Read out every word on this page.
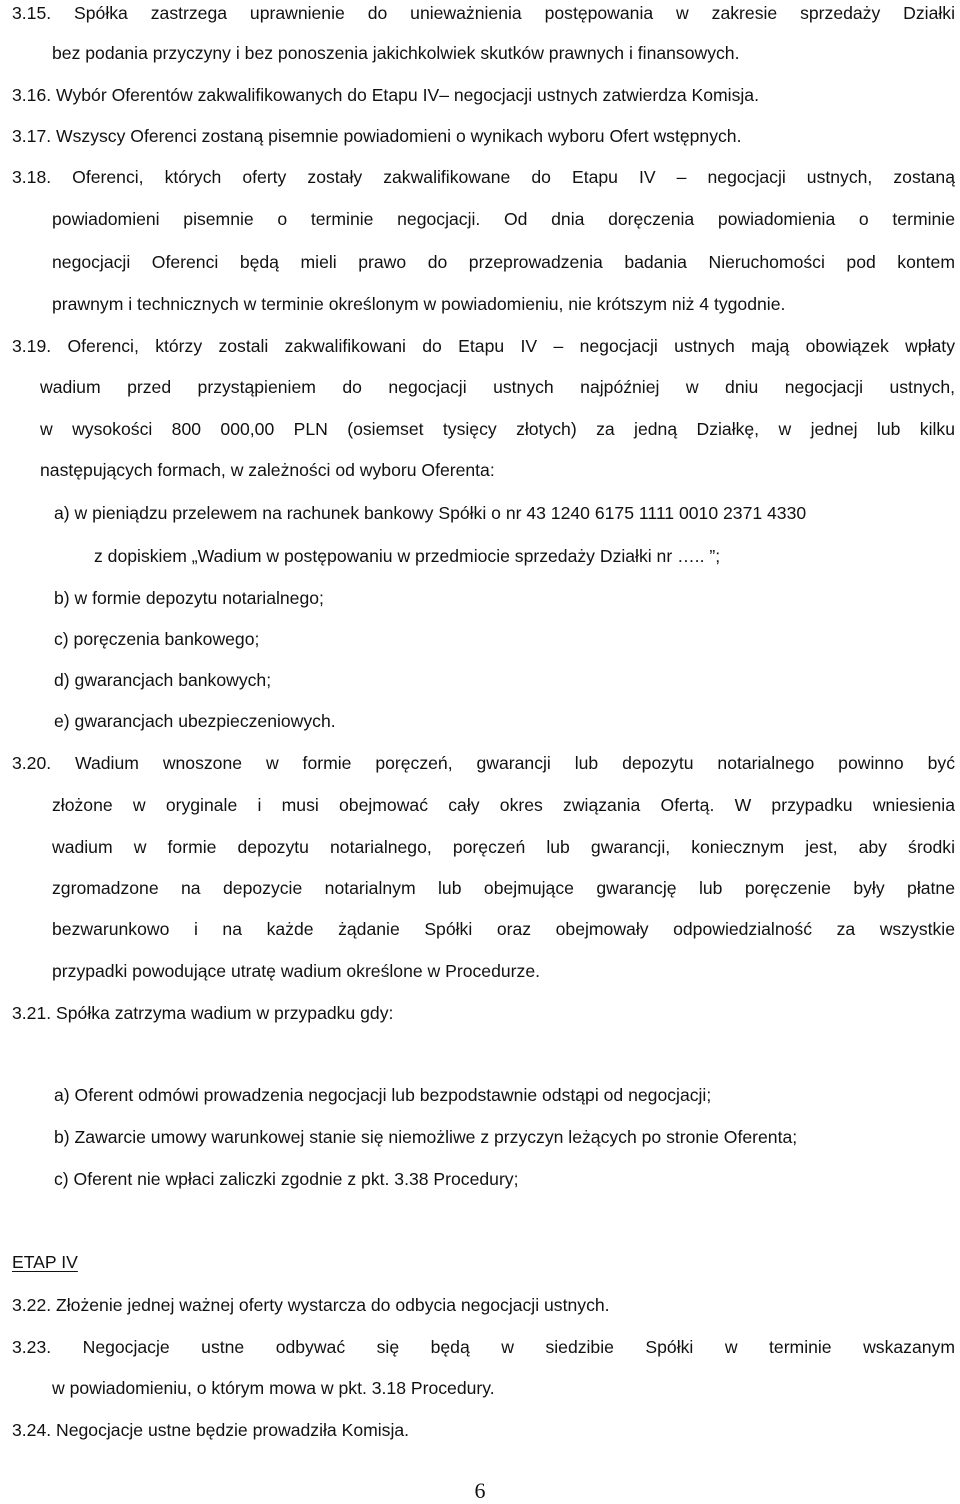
3.15. Spółka zastrzega uprawnienie do unieważnienia postępowania w zakresie sprzedaży Działki
bez podania przyczyny i bez ponoszenia jakichkolwiek skutków prawnych i finansowych.
3.16. Wybór Oferentów zakwalifikowanych do Etapu IV– negocjacji ustnych zatwierdza Komisja.
3.17. Wszyscy Oferenci zostaną pisemnie powiadomieni o wynikach wyboru Ofert wstępnych.
3.18. Oferenci, których oferty zostały zakwalifikowane do Etapu IV – negocjacji ustnych, zostaną
powiadomieni pisemnie o terminie negocjacji. Od dnia doręczenia powiadomienia o terminie
negocjacji Oferenci będą mieli prawo do przeprowadzenia badania Nieruchomości pod kontem
prawnym i technicznych w terminie określonym w powiadomieniu, nie krótszym niż 4 tygodnie.
3.19. Oferenci, którzy zostali zakwalifikowani do Etapu IV – negocjacji ustnych mają obowiązek wpłaty
wadium przed przystąpieniem do negocjacji ustnych najpóźniej w dniu negocjacji ustnych,
w wysokości 800 000,00 PLN (osiemset tysięcy złotych) za jedną Działkę, w jednej lub kilku
następujących formach, w zależności od wyboru Oferenta:
a) w pieniądzu przelewem na rachunek bankowy Spółki o nr 43 1240 6175 1111 0010 2371 4330
z dopiskiem „Wadium w postępowaniu w przedmiocie sprzedaży Działki nr ….. ”;
b) w formie depozytu notarialnego;
c) poręczenia bankowego;
d) gwarancjach bankowych;
e) gwarancjach ubezpieczeniowych.
3.20. Wadium wnoszone w formie poręczeń, gwarancji lub depozytu notarialnego powinno być
złożone w oryginale i musi obejmować cały okres związania Ofertą. W przypadku wniesienia
wadium w formie depozytu notarialnego, poręczeń lub gwarancji, koniecznym jest, aby środki
zgromadzone na depozycie notarialnym lub obejmujące gwarancję lub poręczenie były płatne
bezwarunkowo i na każde żądanie Spółki oraz obejmowały odpowiedzialność za wszystkie
przypadki powodujące utratę wadium określone w Procedurze.
3.21. Spółka zatrzyma wadium w przypadku gdy:
a) Oferent odmówi prowadzenia negocjacji lub bezpodstawnie odstąpi od negocjacji;
b) Zawarcie umowy warunkowej stanie się niemożliwe z przyczyn leżących po stronie Oferenta;
c) Oferent nie wpłaci zaliczki zgodnie z pkt. 3.38 Procedury;
ETAP IV
3.22. Złożenie jednej ważnej oferty wystarcza do odbycia negocjacji ustnych.
3.23. Negocjacje ustne odbywać się będą w siedzibie Spółki w terminie wskazanym
w powiadomieniu, o którym mowa w pkt. 3.18 Procedury.
3.24. Negocjacje ustne będzie prowadziła Komisja.
6
